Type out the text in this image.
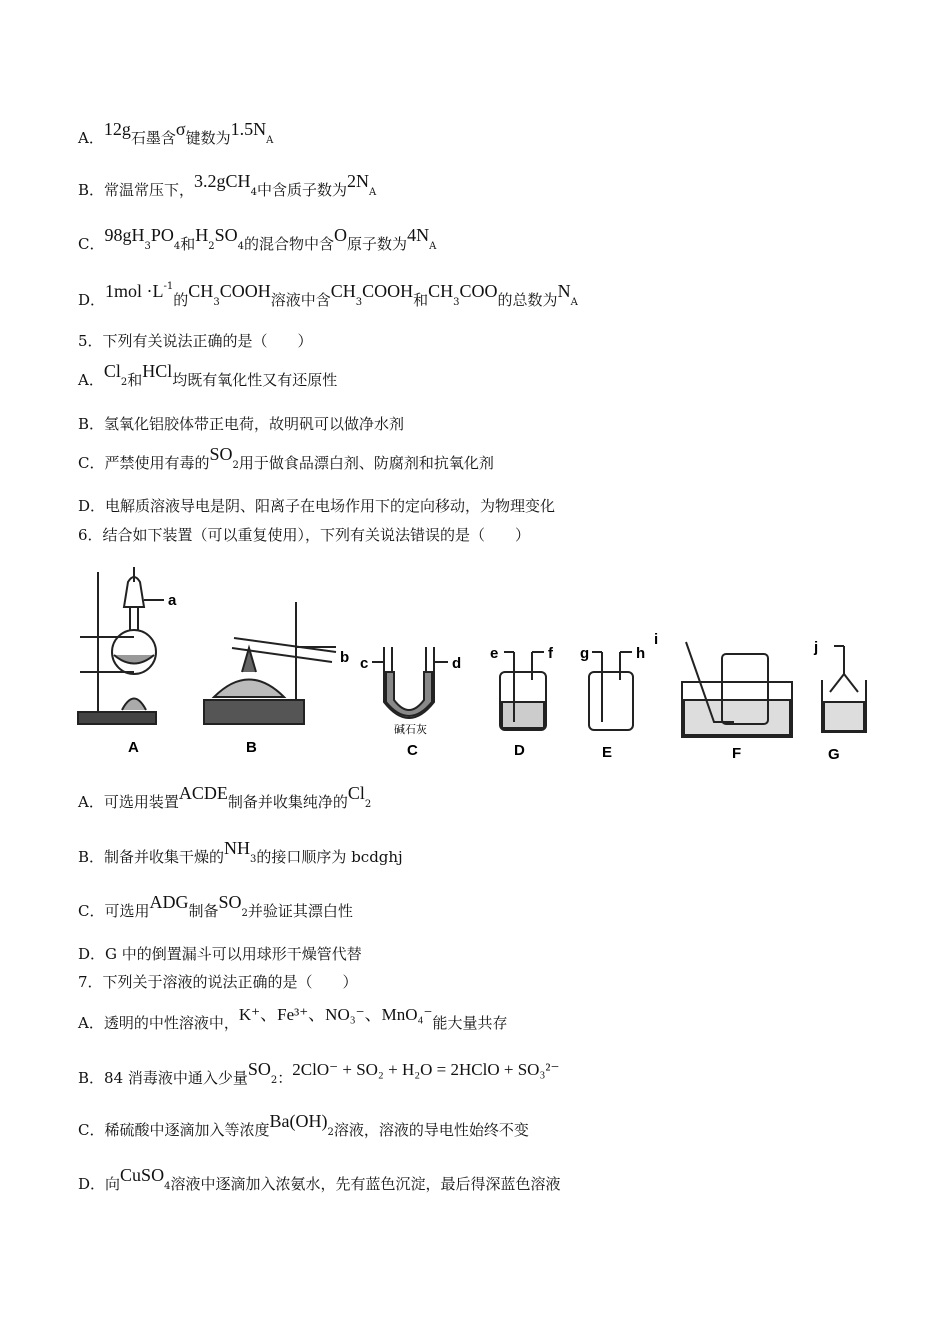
A．12g石墨含σ键数为1.5NA
B．常温常压下，3.2gCH4中含质子数为2NA
C．98gH3PO4和H2SO4的混合物中含O原子数为4NA
D．$1mol \cdot L^{-1}$的CH3COOH溶液中含CH3COOH和CH3COO的总数为NA
5．下列有关说法正确的是（　　）
A．Cl2和HCl均既有氧化性又有还原性
B．氢氧化铝胶体带正电荷，故明矾可以做净水剂
C．严禁使用有毒的SO2用于做食品漂白剂、防腐剂和抗氧化剂
D．电解质溶液导电是阴、阳离子在电场作用下的定向移动，为物理变化
6．结合如下装置（可以重复使用），下列有关说法错误的是（　　）
a
b c	d
e	f g	h
i	j
碱石灰
A	B	C	D	E	F	G
A．可选用装置ACDE制备并收集纯净的Cl2
B．制备并收集干燥的NH3的接口顺序为 bcdghj
C．可选用ADG制备SO2并验证其漂白性
D．G 中的倒置漏斗可以用球形干燥管代替
7．下列关于溶液的说法正确的是（　　）
A．透明的中性溶液中，K⁺、Fe³⁺、NO₃⁻、MnO₄⁻能大量共存
B．84 消毒液中通入少量SO2：2ClO⁻ + SO₂ + H₂O = 2HClO + SO₃²⁻
C．稀硫酸中逐滴加入等浓度Ba(OH)2溶液，溶液的导电性始终不变
D．向CuSO4溶液中逐滴加入浓氨水，先有蓝色沉淀，最后得深蓝色溶液
